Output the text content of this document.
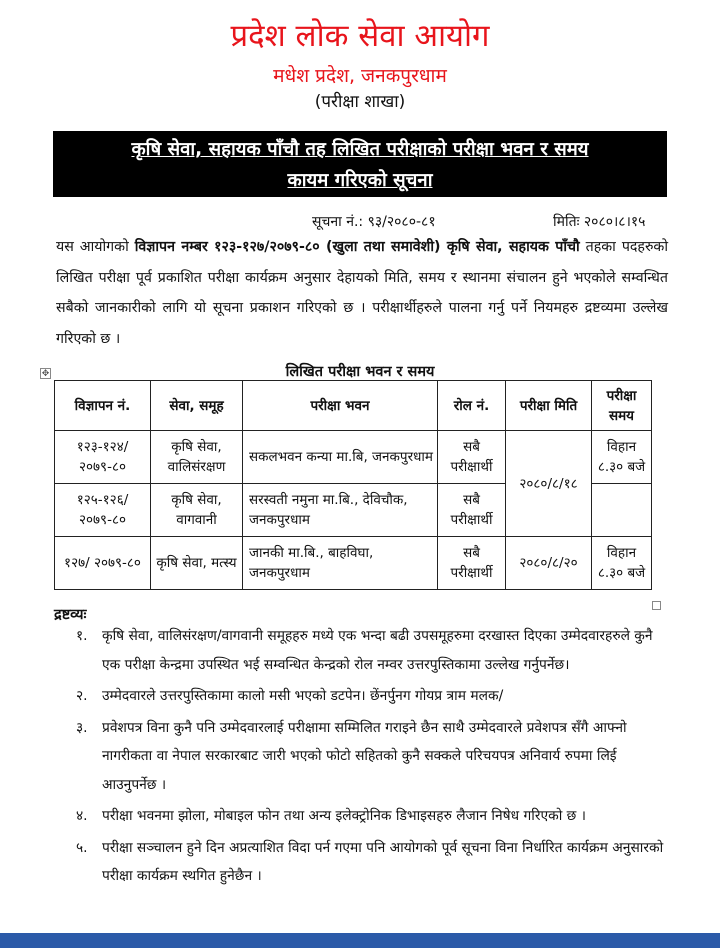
प्रदेश लोक सेवा आयोग
मधेश प्रदेश, जनकपुरधाम
(परीक्षा शाखा)
कृषि सेवा, सहायक पाँचौ तह लिखित परीक्षाको परीक्षा भवन र समय
कायम गरिएको सूचना
सूचना नं.: ९३/२०८०-८१	मितिः २०८०।८।१५

यस आयोगको विज्ञापन नम्बर १२३-१२७/२०७९-८० (खुला तथा समावेशी) कृषि सेवा, सहायक पाँचौ तहका पदहरुको लिखित परीक्षा पूर्व प्रकाशित परीक्षा कार्यक्रम अनुसार देहायको मिति, समय र स्थानमा संचालन हुने भएकोले सम्वन्धित सबैको जानकारीको लागि यो सूचना प्रकाशन गरिएको छ । परीक्षार्थीहरुले पालना गर्नु पर्ने नियमहरु द्रष्टव्यमा उल्लेख गरिएको छ ।

लिखित परीक्षा भवन र समय
✥
विज्ञापन नं.	सेवा, समूह	परीक्षा भवन	रोल नं.	परीक्षा मिति	परीक्षा समय
१२३-१२४/ २०७९-८०	कृषि सेवा, वालिसंरक्षण	सकलभवन कन्या मा.बि, जनकपुरधाम	सबै परीक्षार्थी	२०८०/८/१८	विहान ८.३० बजे
१२५-१२६/ २०७९-८०	कृषि सेवा, वागवानी	सरस्वती नमुना मा.बि., देविचौक, जनकपुरधाम	सबै परीक्षार्थी		
१२७/ २०७९-८०	कृषि सेवा, मत्स्य	जानकी मा.बि., बाहविघा, जनकपुरधाम	सबै परीक्षार्थी	२०८०/८/२०	विहान ८.३० बजे
द्रष्टव्यः
१. कृषि सेवा, वालिसंरक्षण/वागवानी समूहहरु मध्ये एक भन्दा बढी उपसमूहरुमा दरखास्त दिएका उम्मेदवारहरुले कुनै एक परीक्षा केन्द्रमा उपस्थित भई सम्वन्धित केन्द्रको रोल नम्वर उत्तरपुस्तिकामा उल्लेख गर्नुपर्नेछ।
२. उम्मेदवारले उत्तरपुस्तिकामा कालो मसी भएको डटपेन। छेंनर्पुनग गोयप्र त्राम मलक/
३. प्रवेशपत्र विना कुनै पनि उम्मेदवारलाई परीक्षामा सम्मिलित गराइने छैन साथै उम्मेदवारले प्रवेशपत्र सँगै आफ्नो नागरीकता वा नेपाल सरकारबाट जारी भएको फोटो सहितको कुनै सक्कले परिचयपत्र अनिवार्य रुपमा लिई आउनुपर्नेछ ।
४. परीक्षा भवनमा झोला, मोबाइल फोन तथा अन्य इलेक्ट्रोनिक डिभाइसहरु लैजान निषेध गरिएको छ ।
५. परीक्षा सञ्चालन हुने दिन अप्रत्याशित विदा पर्न गएमा पनि आयोगको पूर्व सूचना विना निर्धारित कार्यक्रम अनुसारको परीक्षा कार्यक्रम स्थगित हुनेछैन ।
